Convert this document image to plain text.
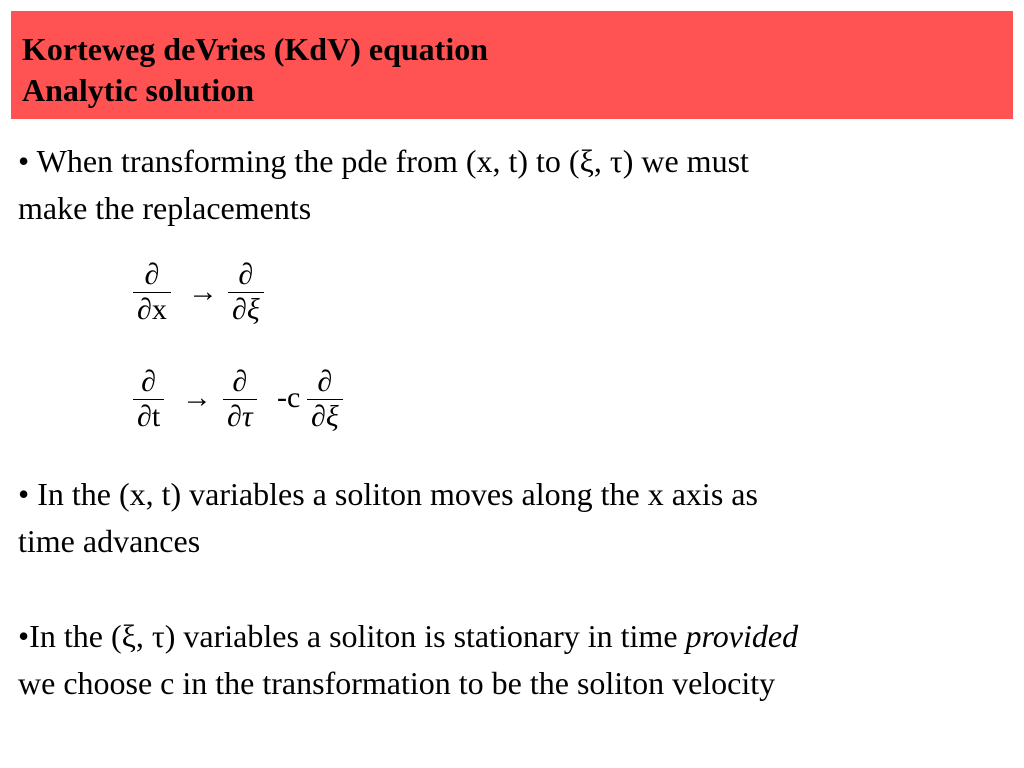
Korteweg deVries (KdV) equation
Analytic solution
• When transforming the pde from (x, t) to (ξ, τ) we must
make the replacements
∂
∂x
→
∂
∂ξ
∂
∂t
→ ∂
∂τ
-c ∂
∂ξ
• In the (x, t) variables a soliton moves along the x axis as
time advances
•In the (ξ, τ) variables a soliton is stationary in time provided
we choose c in the transformation to be the soliton velocity
